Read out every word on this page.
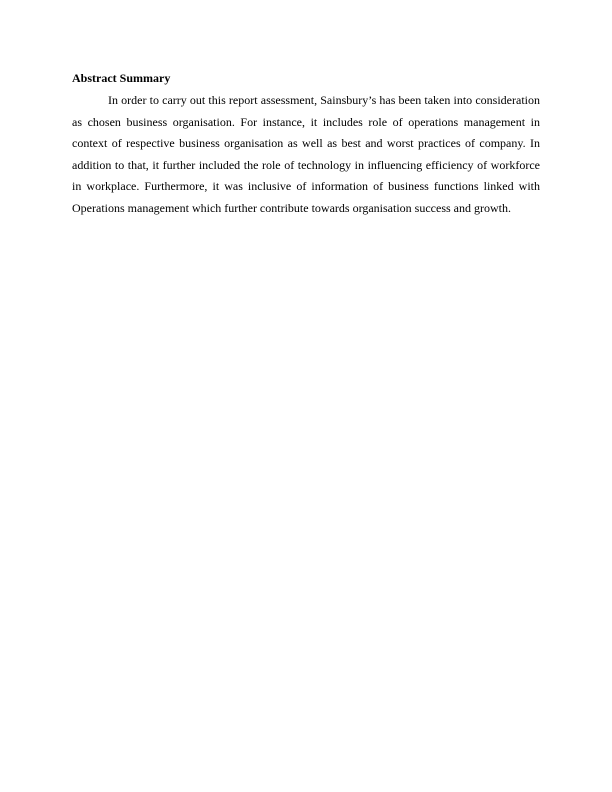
Abstract Summary

In order to carry out this report assessment, Sainsbury’s has been taken into consideration as chosen business organisation. For instance, it includes role of operations management in context of respective business organisation as well as best and worst practices of company. In addition to that, it further included the role of technology in influencing efficiency of workforce in workplace. Furthermore, it was inclusive of information of business functions linked with Operations management which further contribute towards organisation success and growth.
